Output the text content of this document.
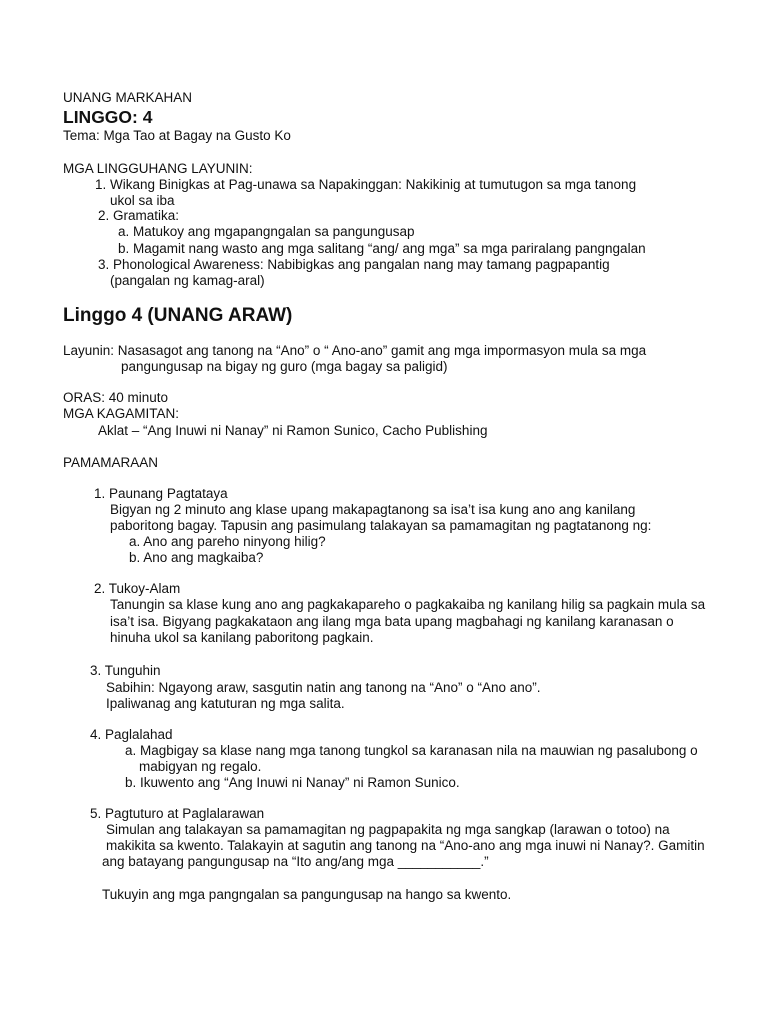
UNANG MARKAHAN
LINGGO: 4
Tema: Mga Tao at Bagay na Gusto Ko
MGA LINGGUHANG LAYUNIN:
1. Wikang Binigkas at Pag-unawa sa Napakinggan: Nakikinig at tumutugon sa mga tanong
ukol sa iba
2. Gramatika:
a. Matukoy ang mgapangngalan sa pangungusap
b. Magamit nang wasto ang mga salitang “ang/ ang mga” sa mga pariralang pangngalan
3. Phonological Awareness: Nabibigkas ang pangalan nang may tamang pagpapantig
(pangalan ng kamag-aral)
Linggo 4 (UNANG ARAW)
Layunin: Nasasagot ang tanong na “Ano” o “ Ano-ano” gamit ang mga impormasyon mula sa mga
pangungusap na bigay ng guro (mga bagay sa paligid)
ORAS: 40 minuto
MGA KAGAMITAN:
Aklat – “Ang Inuwi ni Nanay” ni Ramon Sunico, Cacho Publishing
PAMAMARAAN
1. Paunang Pagtataya
Bigyan ng 2 minuto ang klase upang makapagtanong sa isa’t isa kung ano ang kanilang
paboritong bagay. Tapusin ang pasimulang talakayan sa pamamagitan ng pagtatanong ng:
a. Ano ang pareho ninyong hilig?
b. Ano ang magkaiba?
2. Tukoy-Alam
Tanungin sa klase kung ano ang pagkakapareho o pagkakaiba ng kanilang hilig sa pagkain mula sa
isa’t isa. Bigyang pagkakataon ang ilang mga bata upang magbahagi ng kanilang karanasan o
hinuha ukol sa kanilang paboritong pagkain.
3. Tunguhin
Sabihin: Ngayong araw, sasgutin natin ang tanong na “Ano” o “Ano ano”.
Ipaliwanag ang katuturan ng mga salita.
4. Paglalahad
a. Magbigay sa klase nang mga tanong tungkol sa karanasan nila na mauwian ng pasalubong o
mabigyan ng regalo.
b. Ikuwento ang “Ang Inuwi ni Nanay” ni Ramon Sunico.
5. Pagtuturo at Paglalarawan
Simulan ang talakayan sa pamamagitan ng pagpapakita ng mga sangkap (larawan o totoo) na
makikita sa kwento. Talakayin at sagutin ang tanong na “Ano-ano ang mga inuwi ni Nanay?. Gamitin
ang batayang pangungusap na “Ito ang/ang mga ___________.”
Tukuyin ang mga pangngalan sa pangungusap na hango sa kwento.
